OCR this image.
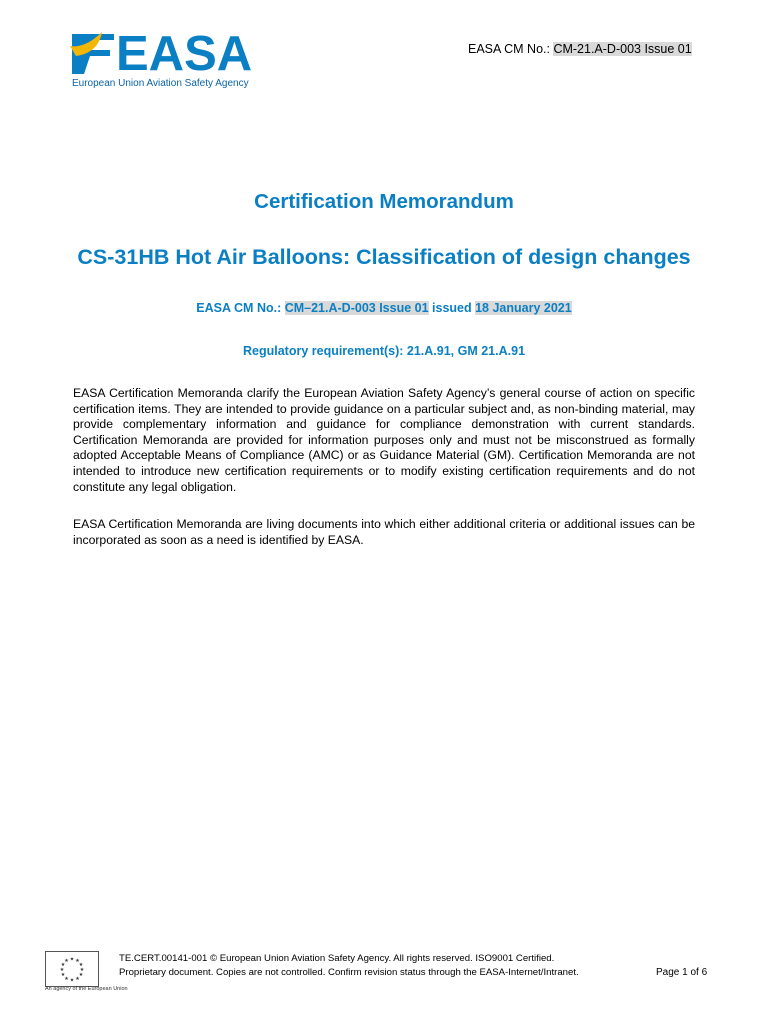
EASA
European Union Aviation Safety Agency
EASA CM No.: CM-21.A-D-003 Issue 01
Certification Memorandum
CS-31HB Hot Air Balloons: Classification of design changes
EASA CM No.: CM–21.A-D-003 Issue 01 issued 18 January 2021
Regulatory requirement(s): 21.A.91, GM 21.A.91

EASA Certification Memoranda clarify the European Aviation Safety Agency’s general course of action on specific certification items. They are intended to provide guidance on a particular subject and, as non-binding material, may provide complementary information and guidance for compliance demonstration with current standards. Certification Memoranda are provided for information purposes only and must not be misconstrued as formally adopted Acceptable Means of Compliance (AMC) or as Guidance Material (GM). Certification Memoranda are not intended to introduce new certification requirements or to modify existing certification requirements and do not constitute any legal obligation.

EASA Certification Memoranda are living documents into which either additional criteria or additional issues can be incorporated as soon as a need is identified by EASA.

★ ★
★
★
★
★
★
★
★
★
★
★
An agency of the European Union
TE.CERT.00141-001 © European Union Aviation Safety Agency. All rights reserved. ISO9001 Certified.
Proprietary document. Copies are not controlled. Confirm revision status through the EASA-Internet/Intranet.	Page 1 of 6
